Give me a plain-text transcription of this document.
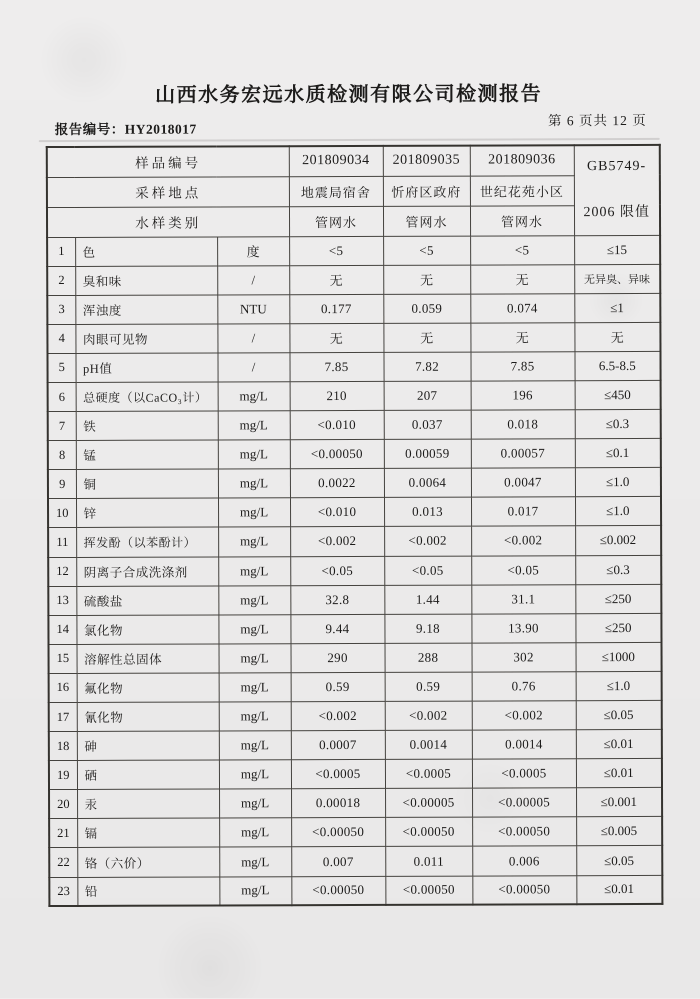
山西水务宏远水质检测有限公司检测报告
报告编号：HY2018017
第 6 页共 12 页
样品编号			201809034	201809035	201809036	GB5749-
2006 限值

采样地点			地震局宿舍	忻府区政府	世纪花苑小区	
水样类别			管网水	管网水	管网水	
1	色	度	<5	<5	<5	≤15
2	臭和味	/	无	无	无	无异臭、异味
3	浑浊度	NTU	0.177	0.059	0.074	≤1
4	肉眼可见物	/	无	无	无	无
5	pH值	/	7.85	7.82	7.85	6.5-8.5
6	总硬度（以CaCO₃计）	mg/L	210	207	196	≤450
7	铁	mg/L	<0.010	0.037	0.018	≤0.3
8	锰	mg/L	<0.00050	0.00059	0.00057	≤0.1
9	铜	mg/L	0.0022	0.0064	0.0047	≤1.0
10	锌	mg/L	<0.010	0.013	0.017	≤1.0
11	挥发酚（以苯酚计）	mg/L	<0.002	<0.002	<0.002	≤0.002
12	阴离子合成洗涤剂	mg/L	<0.05	<0.05	<0.05	≤0.3
13	硫酸盐	mg/L	32.8	1.44	31.1	≤250
14	氯化物	mg/L	9.44	9.18	13.90	≤250
15	溶解性总固体	mg/L	290	288	302	≤1000
16	氟化物	mg/L	0.59	0.59	0.76	≤1.0
17	氰化物	mg/L	<0.002	<0.002	<0.002	≤0.05
18	砷	mg/L	0.0007	0.0014	0.0014	≤0.01
19	硒	mg/L	<0.0005	<0.0005	<0.0005	≤0.01
20	汞	mg/L	0.00018	<0.00005	<0.00005	≤0.001
21	镉	mg/L	<0.00050	<0.00050	<0.00050	≤0.005
22	铬（六价）	mg/L	0.007	0.011	0.006	≤0.05
23	铅	mg/L	<0.00050	<0.00050	<0.00050	≤0.01
